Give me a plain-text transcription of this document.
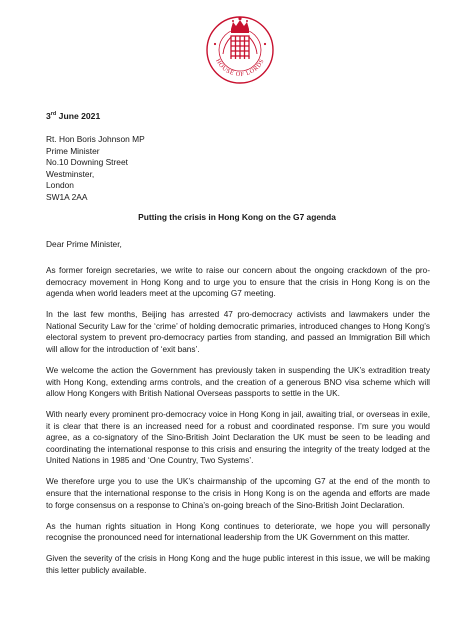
HOUSE OF LORDS
3rd June 2021
Rt. Hon Boris Johnson MP
Prime Minister
No.10 Downing Street
Westminster,
London
SW1A 2AA
Putting the crisis in Hong Kong on the G7 agenda
Dear Prime Minister,

As former foreign secretaries, we write to raise our concern about the ongoing crackdown of the pro-democracy movement in Hong Kong and to urge you to ensure that the crisis in Hong Kong is on the agenda when world leaders meet at the upcoming G7 meeting.

In the last few months, Beijing has arrested 47 pro-democracy activists and lawmakers under the National Security Law for the ‘crime’ of holding democratic primaries, introduced changes to Hong Kong’s electoral system to prevent pro-democracy parties from standing, and passed an Immigration Bill which will allow for the introduction of ‘exit bans’.

We welcome the action the Government has previously taken in suspending the UK’s extradition treaty with Hong Kong, extending arms controls, and the creation of a generous BNO visa scheme which will allow Hong Kongers with British National Overseas passports to settle in the UK.

With nearly every prominent pro-democracy voice in Hong Kong in jail, awaiting trial, or overseas in exile, it is clear that there is an increased need for a robust and coordinated response. I’m sure you would agree, as a co-signatory of the Sino-British Joint Declaration the UK must be seen to be leading and coordinating the international response to this crisis and ensuring the integrity of the treaty lodged at the United Nations in 1985 and ‘One Country, Two Systems’.

We therefore urge you to use the UK’s chairmanship of the upcoming G7 at the end of the month to ensure that the international response to the crisis in Hong Kong is on the agenda and efforts are made to forge consensus on a response to China’s on-going breach of the Sino-British Joint Declaration.

As the human rights situation in Hong Kong continues to deteriorate, we hope you will personally recognise the pronounced need for international leadership from the UK Government on this matter.

Given the severity of the crisis in Hong Kong and the huge public interest in this issue, we will be making this letter publicly available.
